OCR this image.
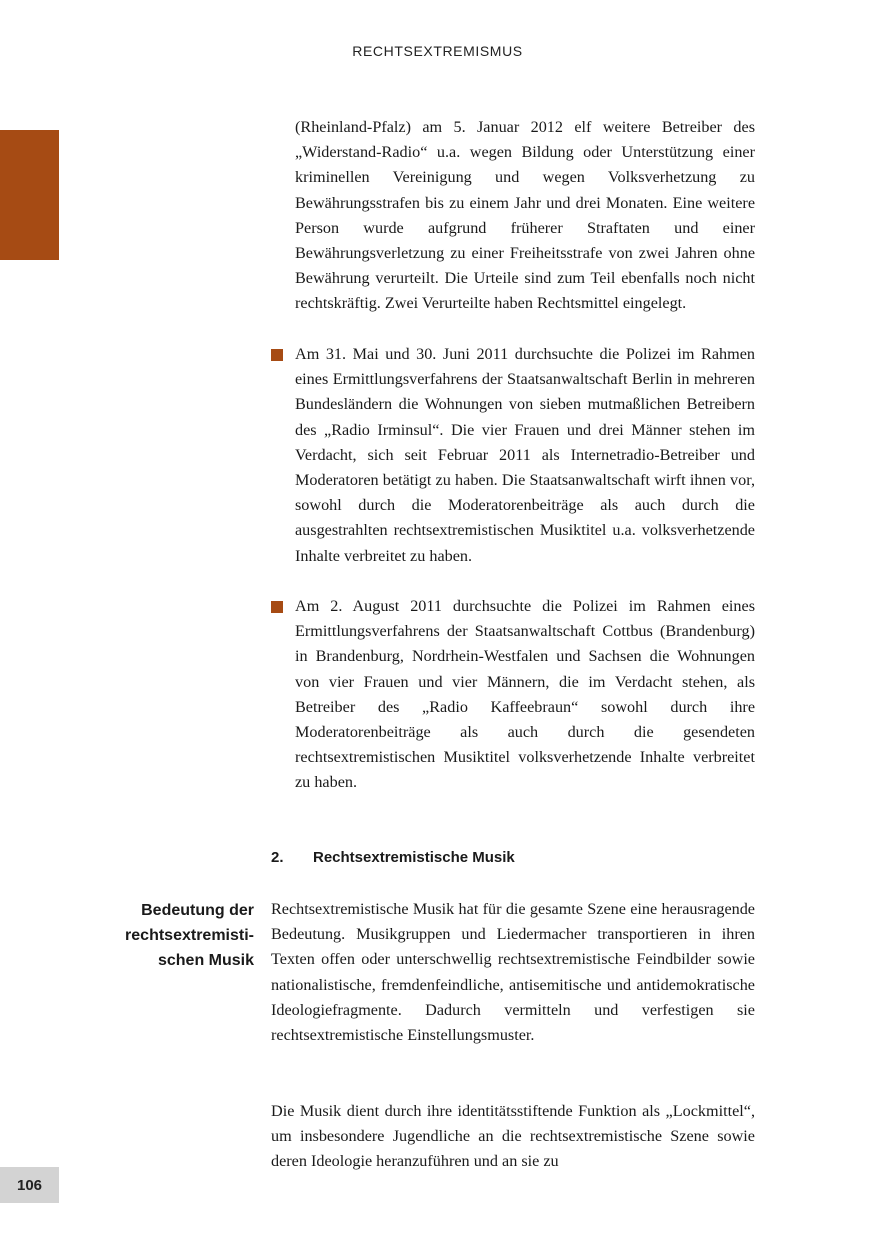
RECHTSEXTREMISMUS

(Rheinland-Pfalz) am 5. Januar 2012 elf weitere Betreiber des „Widerstand-Radio“ u.a. wegen Bildung oder Unterstützung einer kriminellen Vereinigung und wegen Volksverhetzung zu Bewährungsstrafen bis zu einem Jahr und drei Monaten. Eine weitere Person wurde aufgrund früherer Straftaten und einer Bewährungsverletzung zu einer Freiheitsstrafe von zwei Jahren ohne Bewährung verurteilt. Die Urteile sind zum Teil ebenfalls noch nicht rechtskräftig. Zwei Verurteilte haben Rechtsmittel eingelegt.

Am 31. Mai und 30. Juni 2011 durchsuchte die Polizei im Rahmen eines Ermittlungsverfahrens der Staatsanwaltschaft Berlin in mehreren Bundesländern die Wohnungen von sieben mutmaßlichen Betreibern des „Radio Irminsul“. Die vier Frauen und drei Männer stehen im Verdacht, sich seit Februar 2011 als Internetradio-Betreiber und Moderatoren betätigt zu haben. Die Staatsanwaltschaft wirft ihnen vor, sowohl durch die Moderatorenbeiträge als auch durch die ausgestrahlten rechtsextremistischen Musiktitel u.a. volksverhetzende Inhalte verbreitet zu haben.

Am 2. August 2011 durchsuchte die Polizei im Rahmen eines Ermittlungsverfahrens der Staatsanwaltschaft Cottbus (Brandenburg) in Brandenburg, Nordrhein-Westfalen und Sachsen die Wohnungen von vier Frauen und vier Männern, die im Verdacht stehen, als Betreiber des „Radio Kaffeebraun“ sowohl durch ihre Moderatorenbeiträge als auch durch die gesendeten rechtsextremistischen Musiktitel volksverhetzende Inhalte verbreitet zu haben.

2. Rechtsextremistische Musik

Bedeutung der
rechtsextremisti-
schen Musik

Rechtsextremistische Musik hat für die gesamte Szene eine herausragende Bedeutung. Musikgruppen und Liedermacher transportieren in ihren Texten offen oder unterschwellig rechtsextremistische Feindbilder sowie nationalistische, fremdenfeindliche, antisemitische und antidemokratische Ideologiefragmente. Dadurch vermitteln und verfestigen sie rechtsextremistische Einstellungsmuster.

Die Musik dient durch ihre identitätsstiftende Funktion als „Lockmittel“, um insbesondere Jugendliche an die rechtsextremistische Szene sowie deren Ideologie heranzuführen und an sie zu

106
